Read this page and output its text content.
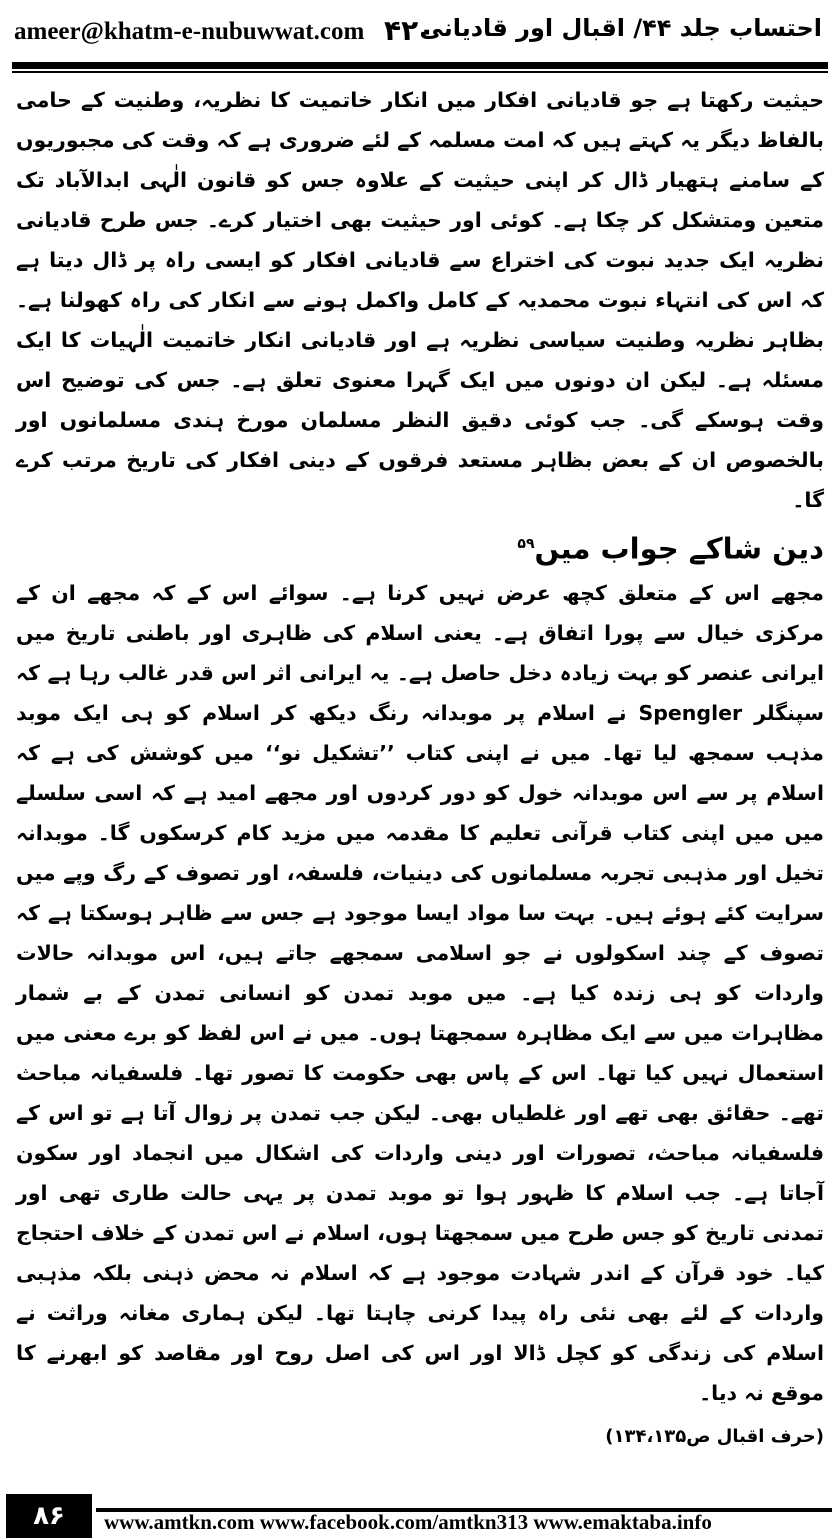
ameer@khatm-e-nubuwwat.com ۴۲۰
احتساب جلد ۴۴/ اقبال اور قادیانی

حیثیت رکھتا ہے جو قادیانی افکار میں انکار خاتمیت کا نظریہ، وطنیت کے حامی بالفاظ دیگر یہ کہتے ہیں کہ امت مسلمہ کے لئے ضروری ہے کہ وقت کی مجبوریوں کے سامنے ہتھیار ڈال کر اپنی حیثیت کے علاوہ جس کو قانون الٰہی ابدالآباد تک متعین ومتشکل کر چکا ہے۔ کوئی اور حیثیت بھی اختیار کرے۔ جس طرح قادیانی نظریہ ایک جدید نبوت کی اختراع سے قادیانی افکار کو ایسی راہ پر ڈال دیتا ہے کہ اس کی انتہاء نبوت محمدیہ کے کامل واکمل ہونے سے انکار کی راہ کھولنا ہے۔ بظاہر نظریہ وطنیت سیاسی نظریہ ہے اور قادیانی انکار خاتمیت الٰہیات کا ایک مسئلہ ہے۔ لیکن ان دونوں میں ایک گہرا معنوی تعلق ہے۔ جس کی توضیح اس وقت ہوسکے گی۔ جب کوئی دقیق النظر مسلمان مورخ ہندی مسلمانوں اور بالخصوص ان کے بعض بظاہر مستعد فرقوں کے دینی افکار کی تاریخ مرتب کرے گا۔

دین شاکے جواب میں$^{۵۹}$

مجھے اس کے متعلق کچھ عرض نہیں کرنا ہے۔ سوائے اس کے کہ مجھے ان کے مرکزی خیال سے پورا اتفاق ہے۔ یعنی اسلام کی ظاہری اور باطنی تاریخ میں ایرانی عنصر کو بہت زیادہ دخل حاصل ہے۔ یہ ایرانی اثر اس قدر غالب رہا ہے کہ سپنگلر Spengler نے اسلام پر موبدانہ رنگ دیکھ کر اسلام کو ہی ایک موبد مذہب سمجھ لیا تھا۔ میں نے اپنی کتاب ’’تشکیل نو‘‘ میں کوشش کی ہے کہ اسلام پر سے اس موبدانہ خول کو دور کردوں اور مجھے امید ہے کہ اسی سلسلے میں میں اپنی کتاب قرآنی تعلیم کا مقدمہ میں مزید کام کرسکوں گا۔ موبدانہ تخیل اور مذہبی تجربہ مسلمانوں کی دینیات، فلسفہ، اور تصوف کے رگ وپے میں سرایت کئے ہوئے ہیں۔ بہت سا مواد ایسا موجود ہے جس سے ظاہر ہوسکتا ہے کہ تصوف کے چند اسکولوں نے جو اسلامی سمجھے جاتے ہیں، اس موبدانہ حالات واردات کو ہی زندہ کیا ہے۔ میں موبد تمدن کو انسانی تمدن کے بے شمار مظاہرات میں سے ایک مظاہرہ سمجھتا ہوں۔ میں نے اس لفظ کو برے معنی میں استعمال نہیں کیا تھا۔ اس کے پاس بھی حکومت کا تصور تھا۔ فلسفیانہ مباحث تھے۔ حقائق بھی تھے اور غلطیاں بھی۔ لیکن جب تمدن پر زوال آتا ہے تو اس کے فلسفیانہ مباحث، تصورات اور دینی واردات کی اشکال میں انجماد اور سکون آجاتا ہے۔ جب اسلام کا ظہور ہوا تو موبد تمدن پر یہی حالت طاری تھی اور تمدنی تاریخ کو جس طرح میں سمجھتا ہوں، اسلام نے اس تمدن کے خلاف احتجاج کیا۔ خود قرآن کے اندر شہادت موجود ہے کہ اسلام نہ محض ذہنی بلکہ مذہبی واردات کے لئے بھی نئی راہ پیدا کرنی چاہتا تھا۔ لیکن ہماری مغانہ وراثت نے اسلام کی زندگی کو کچل ڈالا اور اس کی اصل روح اور مقاصد کو ابھرنے کا موقع نہ دیا۔

(حرف اقبال ص۱۳۴،۱۳۵)

۸۶	www.amtkn.com www.facebook.com/amtkn313 www.emaktaba.info
